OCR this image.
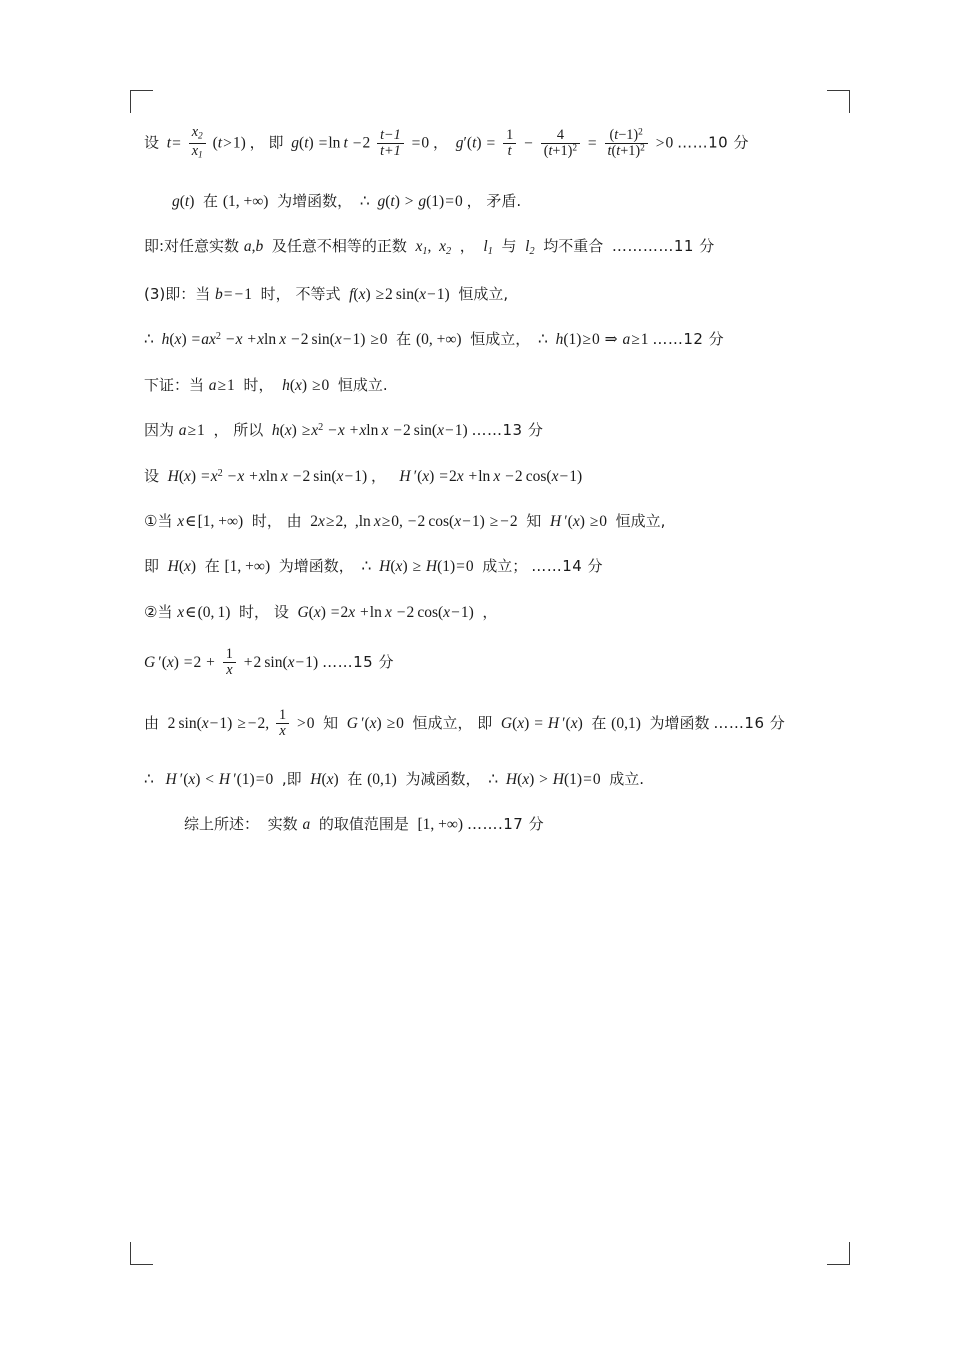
设  $t= \frac{x_2}{x_1} (t>1)$ ， 即  g(t) =ln $t -2 \frac{t-1}{t+1} =0$ ，  $g'(t) = \frac{1}{t} - \frac{4}{(t+1)^2} = \frac{(t-1)^2}{t(t+1)^2} >0$ ……10 分
g(t)  在 (1, +∞)  为增函数，  ∴  g(t) > g(1)=0 ， 矛盾.
即:对任意实数 a,b  及任意不相等的正数  $x_1$,  $x_2$  ，  $l_1$  与  $l_2$  均不重合  …………11 分
(3)即：当 b= −1  时， 不等式  f(x) ≥2 sin(x−1)  恒成立,
∴  $h(x) =ax^2 -x +xln$ x −2 sin(x−1) ≥0  在 (0, +∞)  恒成立，  ∴  h(1)≥0 ⇒ a≥1 ……12 分
下证：当 a≥1  时，  h(x) ≥0  恒成立.
因为 a≥1  ， 所以  $h(x) \ge x^2 -x +xln$ x −2 sin(x−1) ……13 分
设  $H(x) =x^2 -x +xln$ x −2 sin(x−1) ，   H ′(x) =2x +ln x −2 cos(x−1)
①当 x∈[1, +∞)  时， 由  2x≥2,  ,ln x≥0, −2 cos(x−1) ≥ −2  知  H ′(x) ≥0  恒成立,
即  H(x)  在 [1, +∞)  为增函数，  ∴  H(x) ≥ H(1)=0  成立； ……14 分
②当 x∈(0, 1)  时， 设  G(x) =2x +ln x −2 cos(x−1)  ，
G $'(x) =2 + \frac{1}{x} +2$ sin(x−1) ……15 分
由  2 sin(x−1) ≥ −2, $\frac{1}{x} >0$  知  G ′(x) ≥0  恒成立， 即  G(x) = H ′(x)  在 (0,1)  为增函数 ……16 分
∴   H ′(x) < H ′(1)=0  ,即  H(x)  在 (0,1)  为减函数，  ∴  H(x) > H(1)=0  成立.
综上所述：  实数 a  的取值范围是  [1, +∞) …….17 分
